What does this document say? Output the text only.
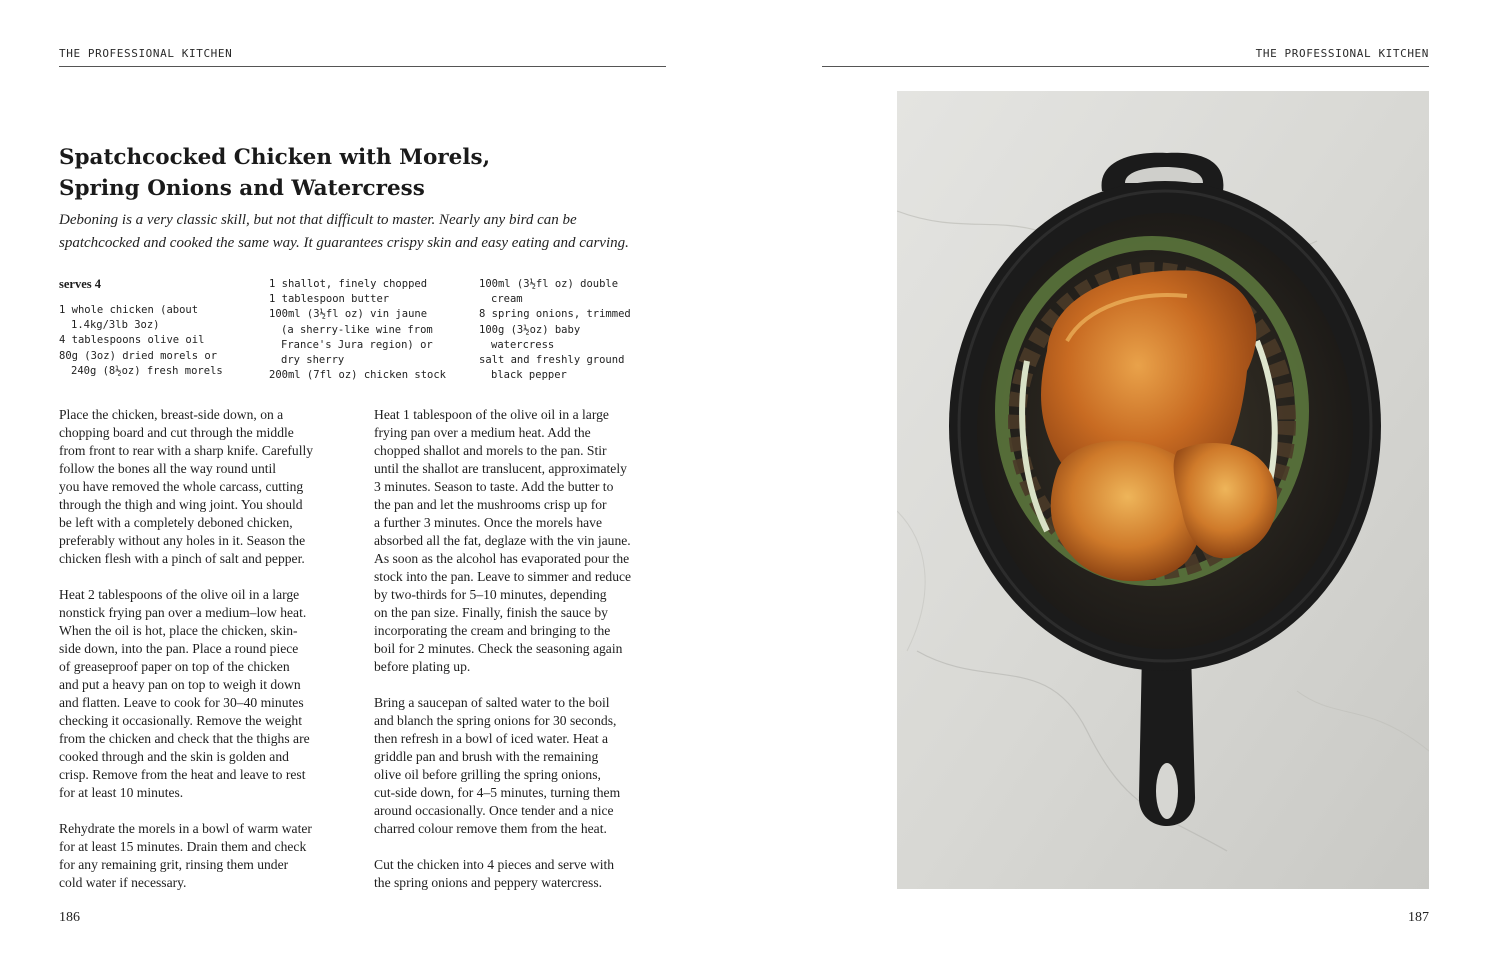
THE PROFESSIONAL KITCHEN
Spatchcocked Chicken with Morels,
Spring Onions and Watercress
Deboning is a very classic skill, but not that difficult to master. Nearly any bird can be
spatchcocked and cooked the same way. It guarantees crispy skin and easy eating and carving.
serves 4
1 whole chicken (about
1.4kg/3lb 3oz)
4 tablespoons olive oil
80g (3oz) dried morels or
240g (8½oz) fresh morels
1 shallot, finely chopped
1 tablespoon butter
100ml (3½fl oz) vin jaune
(a sherry-like wine from
France's Jura region) or
dry sherry
200ml (7fl oz) chicken stock
100ml (3½fl oz) double
cream
8 spring onions, trimmed
100g (3½oz) baby
watercress
salt and freshly ground
black pepper

Place the chicken, breast-side down, on a
chopping board and cut through the middle
from front to rear with a sharp knife. Carefully
follow the bones all the way round until
you have removed the whole carcass, cutting
through the thigh and wing joint. You should
be left with a completely deboned chicken,
preferably without any holes in it. Season the
chicken flesh with a pinch of salt and pepper.

Heat 2 tablespoons of the olive oil in a large
nonstick frying pan over a medium–low heat.
When the oil is hot, place the chicken, skin-
side down, into the pan. Place a round piece
of greaseproof paper on top of the chicken
and put a heavy pan on top to weigh it down
and flatten. Leave to cook for 30–40 minutes
checking it occasionally. Remove the weight
from the chicken and check that the thighs are
cooked through and the skin is golden and
crisp. Remove from the heat and leave to rest
for at least 10 minutes.

Rehydrate the morels in a bowl of warm water
for at least 15 minutes. Drain them and check
for any remaining grit, rinsing them under
cold water if necessary.

Heat 1 tablespoon of the olive oil in a large
frying pan over a medium heat. Add the
chopped shallot and morels to the pan. Stir
until the shallot are translucent, approximately
3 minutes. Season to taste. Add the butter to
the pan and let the mushrooms crisp up for
a further 3 minutes. Once the morels have
absorbed all the fat, deglaze with the vin jaune.
As soon as the alcohol has evaporated pour the
stock into the pan. Leave to simmer and reduce
by two-thirds for 5–10 minutes, depending
on the pan size. Finally, finish the sauce by
incorporating the cream and bringing to the
boil for 2 minutes. Check the seasoning again
before plating up.

Bring a saucepan of salted water to the boil
and blanch the spring onions for 30 seconds,
then refresh in a bowl of iced water. Heat a
griddle pan and brush with the remaining
olive oil before grilling the spring onions,
cut-side down, for 4–5 minutes, turning them
around occasionally. Once tender and a nice
charred colour remove them from the heat.

Cut the chicken into 4 pieces and serve with
the spring onions and peppery watercress.

186
THE PROFESSIONAL KITCHEN
187
